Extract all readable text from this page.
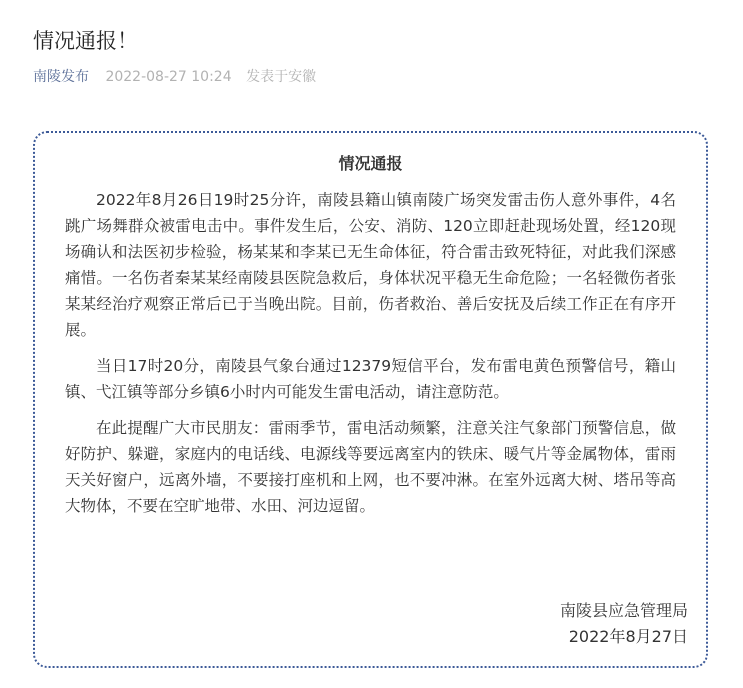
情况通报！
南陵发布 2022-08-27 10:24 发表于安徽
情况通报

2022年8月26日19时25分许，南陵县籍山镇南陵广场突发雷击伤人意外事件，4名跳广场舞群众被雷电击中。事件发生后，公安、消防、120立即赶赴现场处置，经120现场确认和法医初步检验，杨某某和李某已无生命体征，符合雷击致死特征，对此我们深感痛惜。一名伤者秦某某经南陵县医院急救后，身体状况平稳无生命危险；一名轻微伤者张某某经治疗观察正常后已于当晚出院。目前，伤者救治、善后安抚及后续工作正在有序开展。

当日17时20分，南陵县气象台通过12379短信平台，发布雷电黄色预警信号，籍山镇、弋江镇等部分乡镇6小时内可能发生雷电活动，请注意防范。

在此提醒广大市民朋友：雷雨季节，雷电活动频繁，注意关注气象部门预警信息，做好防护、躲避，家庭内的电话线、电源线等要远离室内的铁床、暖气片等金属物体，雷雨天关好窗户，远离外墙，不要接打座机和上网，也不要冲淋。在室外远离大树、塔吊等高大物体，不要在空旷地带、水田、河边逗留。

南陵县应急管理局
2022年8月27日
